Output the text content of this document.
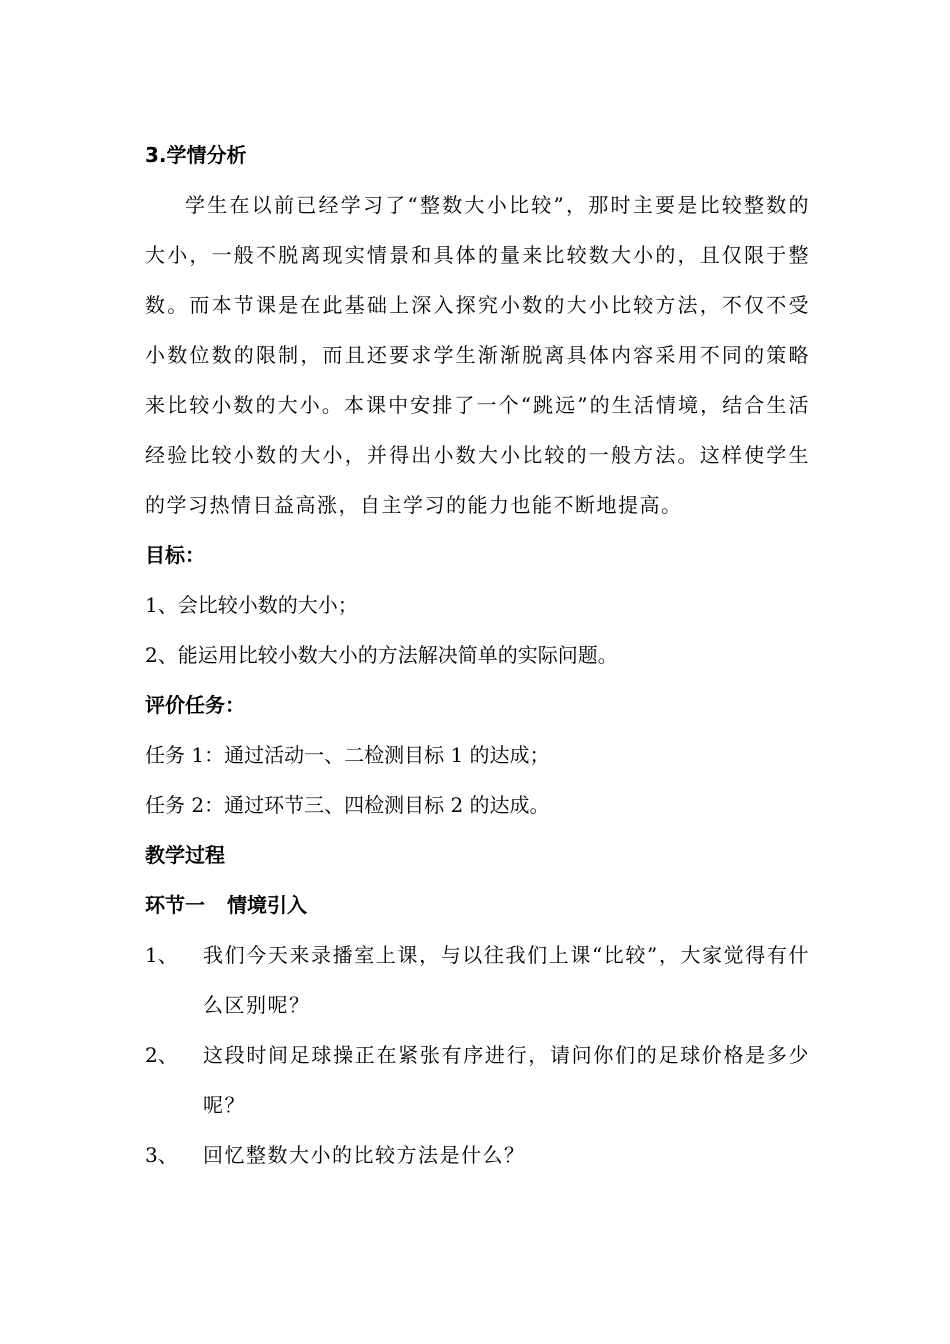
3.学情分析

学生在以前已经学习了“整数大小比较”，那时主要是比较整数的大小，一般不脱离现实情景和具体的量来比较数大小的，且仅限于整数。而本节课是在此基础上深入探究小数的大小比较方法，不仅不受小数位数的限制，而且还要求学生渐渐脱离具体内容采用不同的策略来比较小数的大小。本课中安排了一个“跳远”的生活情境，结合生活经验比较小数的大小，并得出小数大小比较的一般方法。这样使学生的学习热情日益高涨，自主学习的能力也能不断地提高。

目标：

1、会比较小数的大小；

2、能运用比较小数大小的方法解决简单的实际问题。

评价任务：

任务 1：通过活动一、二检测目标 1 的达成；

任务 2：通过环节三、四检测目标 2 的达成。

教学过程

环节一 情境引入

1、	我们今天来录播室上课，与以往我们上课“比较”，大家觉得有什么区别呢？
2、	这段时间足球操正在紧张有序进行，请问你们的足球价格是多少呢？
3、	回忆整数大小的比较方法是什么？
